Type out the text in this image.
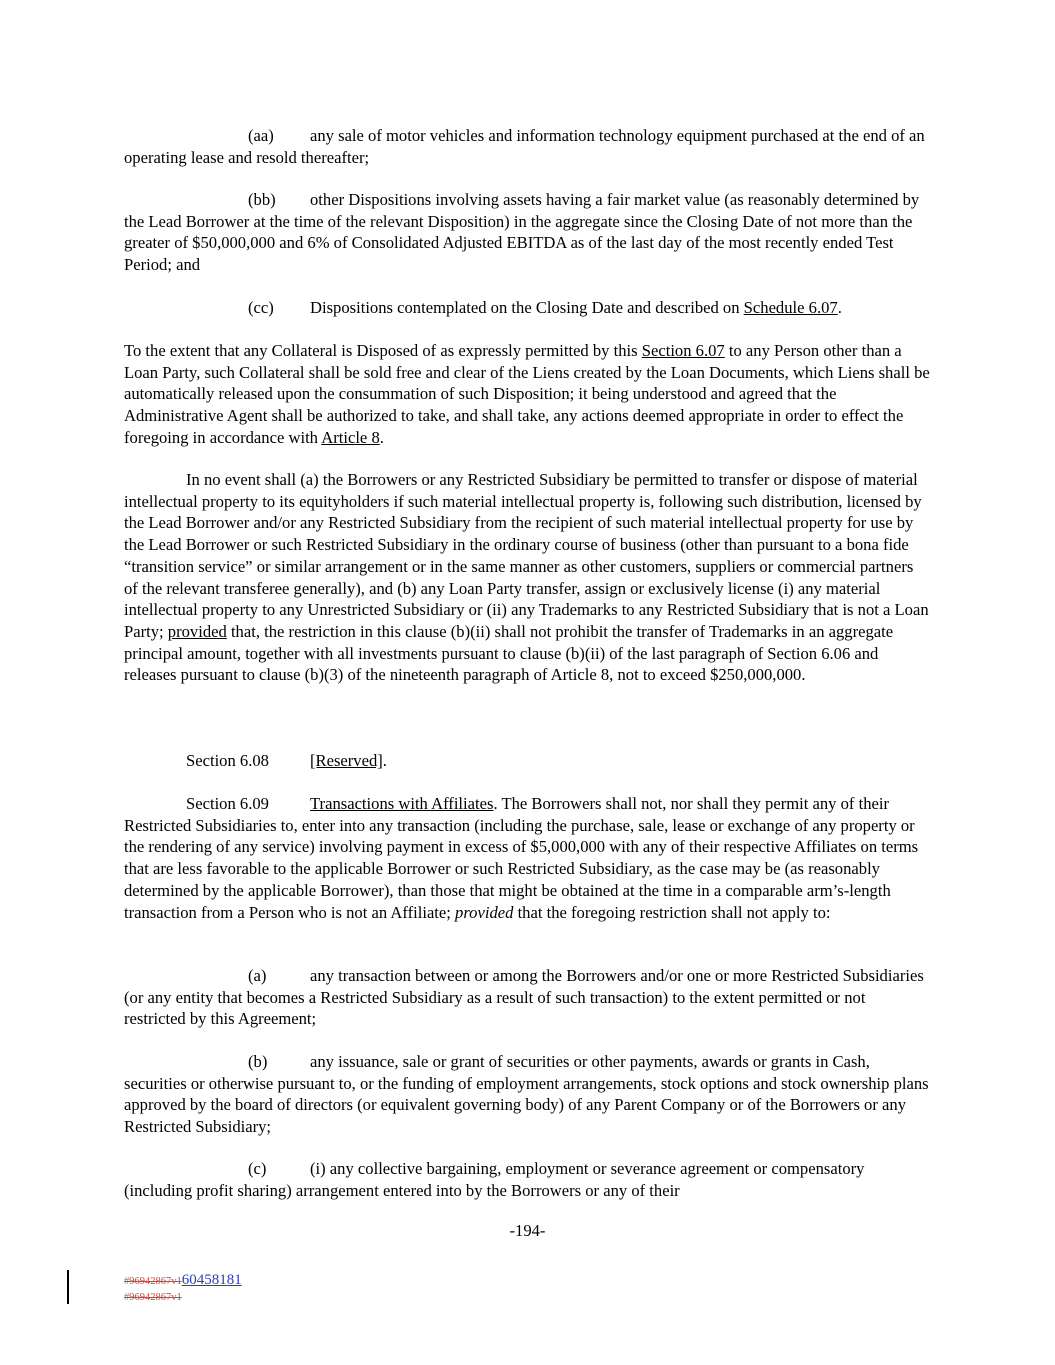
(aa) any sale of motor vehicles and information technology equipment purchased at the end of an operating lease and resold thereafter;

(bb) other Dispositions involving assets having a fair market value (as reasonably determined by the Lead Borrower at the time of the relevant Disposition) in the aggregate since the Closing Date of not more than the greater of $50,000,000 and 6% of Consolidated Adjusted EBITDA as of the last day of the most recently ended Test Period; and

(cc) Dispositions contemplated on the Closing Date and described on Schedule 6.07.

To the extent that any Collateral is Disposed of as expressly permitted by this Section 6.07 to any Person other than a Loan Party, such Collateral shall be sold free and clear of the Liens created by the Loan Documents, which Liens shall be automatically released upon the consummation of such Disposition; it being understood and agreed that the Administrative Agent shall be authorized to take, and shall take, any actions deemed appropriate in order to effect the foregoing in accordance with Article 8.

In no event shall (a) the Borrowers or any Restricted Subsidiary be permitted to transfer or dispose of material intellectual property to its equityholders if such material intellectual property is, following such distribution, licensed by the Lead Borrower and/or any Restricted Subsidiary from the recipient of such material intellectual property for use by the Lead Borrower or such Restricted Subsidiary in the ordinary course of business (other than pursuant to a bona fide “transition service” or similar arrangement or in the same manner as other customers, suppliers or commercial partners of the relevant transferee generally), and (b) any Loan Party transfer, assign or exclusively license (i) any material intellectual property to any Unrestricted Subsidiary or (ii) any Trademarks to any Restricted Subsidiary that is not a Loan Party; provided that, the restriction in this clause (b)(ii) shall not prohibit the transfer of Trademarks in an aggregate principal amount, together with all investments pursuant to clause (b)(ii) of the last paragraph of Section 6.06 and releases pursuant to clause (b)(3) of the nineteenth paragraph of Article 8, not to exceed $250,000,000.

Section 6.08 [Reserved].

Section 6.09 Transactions with Affiliates. The Borrowers shall not, nor shall they permit any of their Restricted Subsidiaries to, enter into any transaction (including the purchase, sale, lease or exchange of any property or the rendering of any service) involving payment in excess of $5,000,000 with any of their respective Affiliates on terms that are less favorable to the applicable Borrower or such Restricted Subsidiary, as the case may be (as reasonably determined by the applicable Borrower), than those that might be obtained at the time in a comparable arm’s-length transaction from a Person who is not an Affiliate; provided that the foregoing restriction shall not apply to:

(a)	any transaction between or among the Borrowers and/or one or more Restricted Subsidiaries (or any entity that becomes a Restricted Subsidiary as a result of such transaction) to the extent permitted or not restricted by this Agreement;

(b)	any issuance, sale or grant of securities or other payments, awards or grants in Cash, securities or otherwise pursuant to, or the funding of employment arrangements, stock options and stock ownership plans approved by the board of directors (or equivalent governing body) of any Parent Company or of the Borrowers or any Restricted Subsidiary;

(c)	(i) any collective bargaining, employment or severance agreement or compensatory (including profit sharing) arrangement entered into by the Borrowers or any of their

-194-
#96942867v160458181
#96942867v1
